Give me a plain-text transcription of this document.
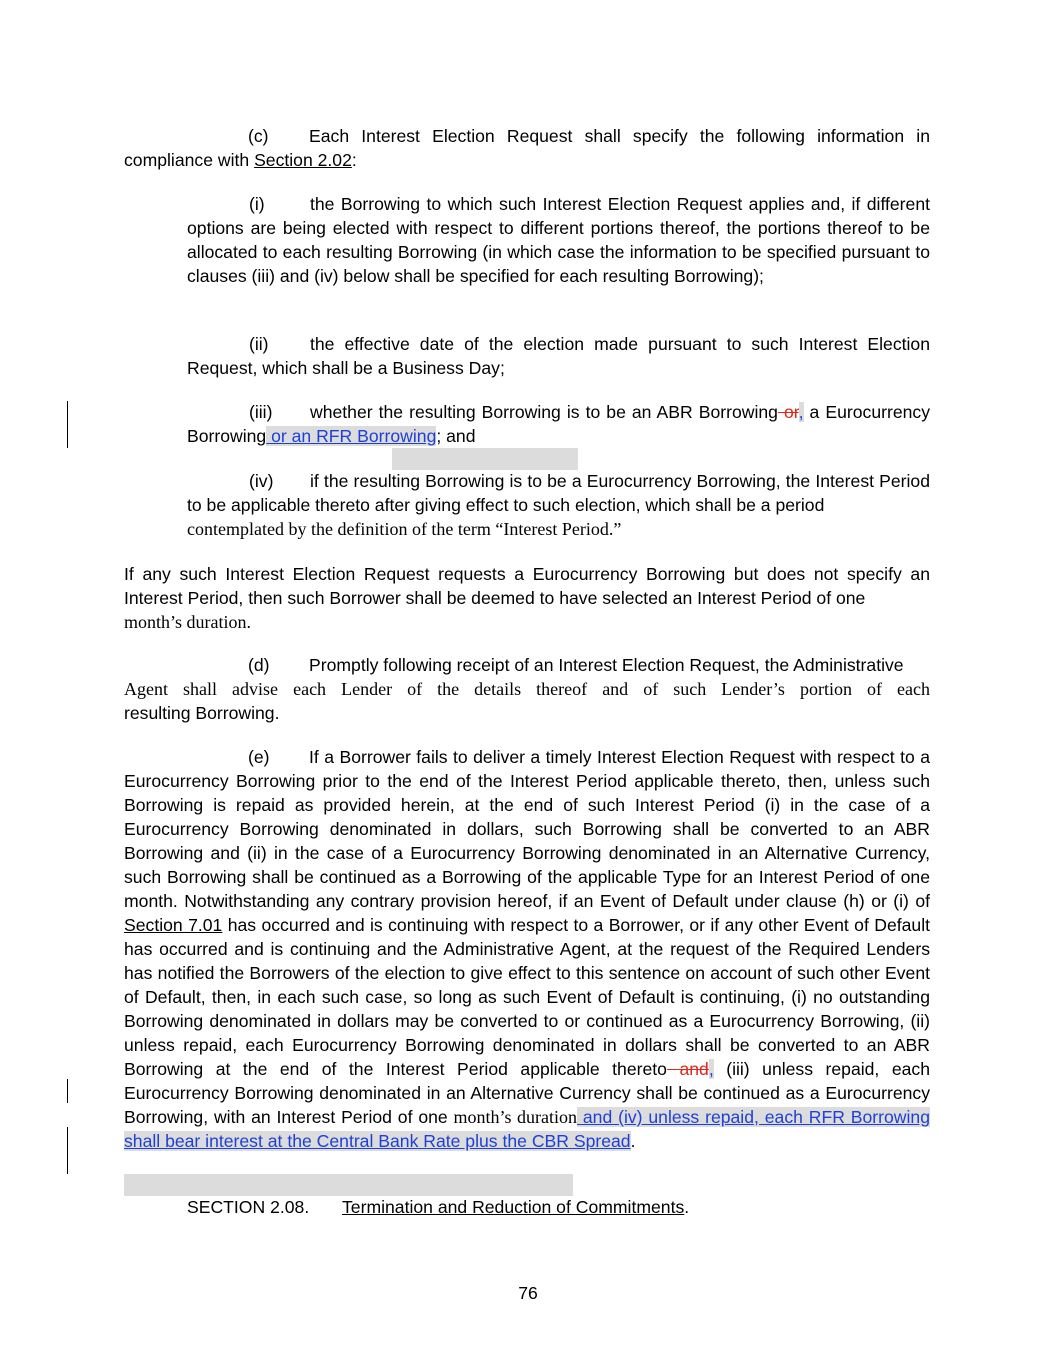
(c) Each Interest Election Request shall specify the following information in compliance with Section 2.02:
(i)	the Borrowing to which such Interest Election Request applies and, if different options are being elected with respect to different portions thereof, the portions thereof to be allocated to each resulting Borrowing (in which case the information to be specified pursuant to clauses (iii) and (iv) below shall be specified for each resulting Borrowing);
(ii) the effective date of the election made pursuant to such Interest Election Request, which shall be a Business Day;
(iii) whether the resulting Borrowing is to be an ABR Borrowing or, a Eurocurrency Borrowing or an RFR Borrowing; and
(iv) if the resulting Borrowing is to be a Eurocurrency Borrowing, the Interest Period to be applicable thereto after giving effect to such election, which shall be a period
contemplated by the definition of the term “Interest Period.”
If any such Interest Election Request requests a Eurocurrency Borrowing but does not specify an Interest Period, then such Borrower shall be deemed to have selected an Interest Period of one
month’s duration.
(d) Promptly following receipt of an Interest Election Request, the Administrative
Agent shall advise each Lender of the details thereof and of such Lender’s portion of each
resulting Borrowing.
(e) If a Borrower fails to deliver a timely Interest Election Request with respect to a Eurocurrency Borrowing prior to the end of the Interest Period applicable thereto, then, unless such Borrowing is repaid as provided herein, at the end of such Interest Period (i) in the case of a Eurocurrency Borrowing denominated in dollars, such Borrowing shall be converted to an ABR Borrowing and (ii) in the case of a Eurocurrency Borrowing denominated in an Alternative Currency, such Borrowing shall be continued as a Borrowing of the applicable Type for an Interest Period of one month. Notwithstanding any contrary provision hereof, if an Event of Default under clause (h) or (i) of Section 7.01 has occurred and is continuing with respect to a Borrower, or if any other Event of Default has occurred and is continuing and the Administrative Agent, at the request of the Required Lenders has notified the Borrowers of the election to give effect to this sentence on account of such other Event of Default, then, in each such case, so long as such Event of Default is continuing, (i) no outstanding Borrowing denominated in dollars may be converted to or continued as a Eurocurrency Borrowing, (ii) unless repaid, each Eurocurrency Borrowing denominated in dollars shall be converted to an ABR Borrowing at the end of the Interest Period applicable thereto and, (iii) unless repaid, each Eurocurrency Borrowing denominated in an Alternative Currency shall be continued as a Eurocurrency Borrowing, with an Interest Period of one month’s duration and (iv) unless repaid, each RFR Borrowing shall bear interest at the Central Bank Rate plus the CBR Spread.
SECTION 2.08. Termination and Reduction of Commitments.
76
